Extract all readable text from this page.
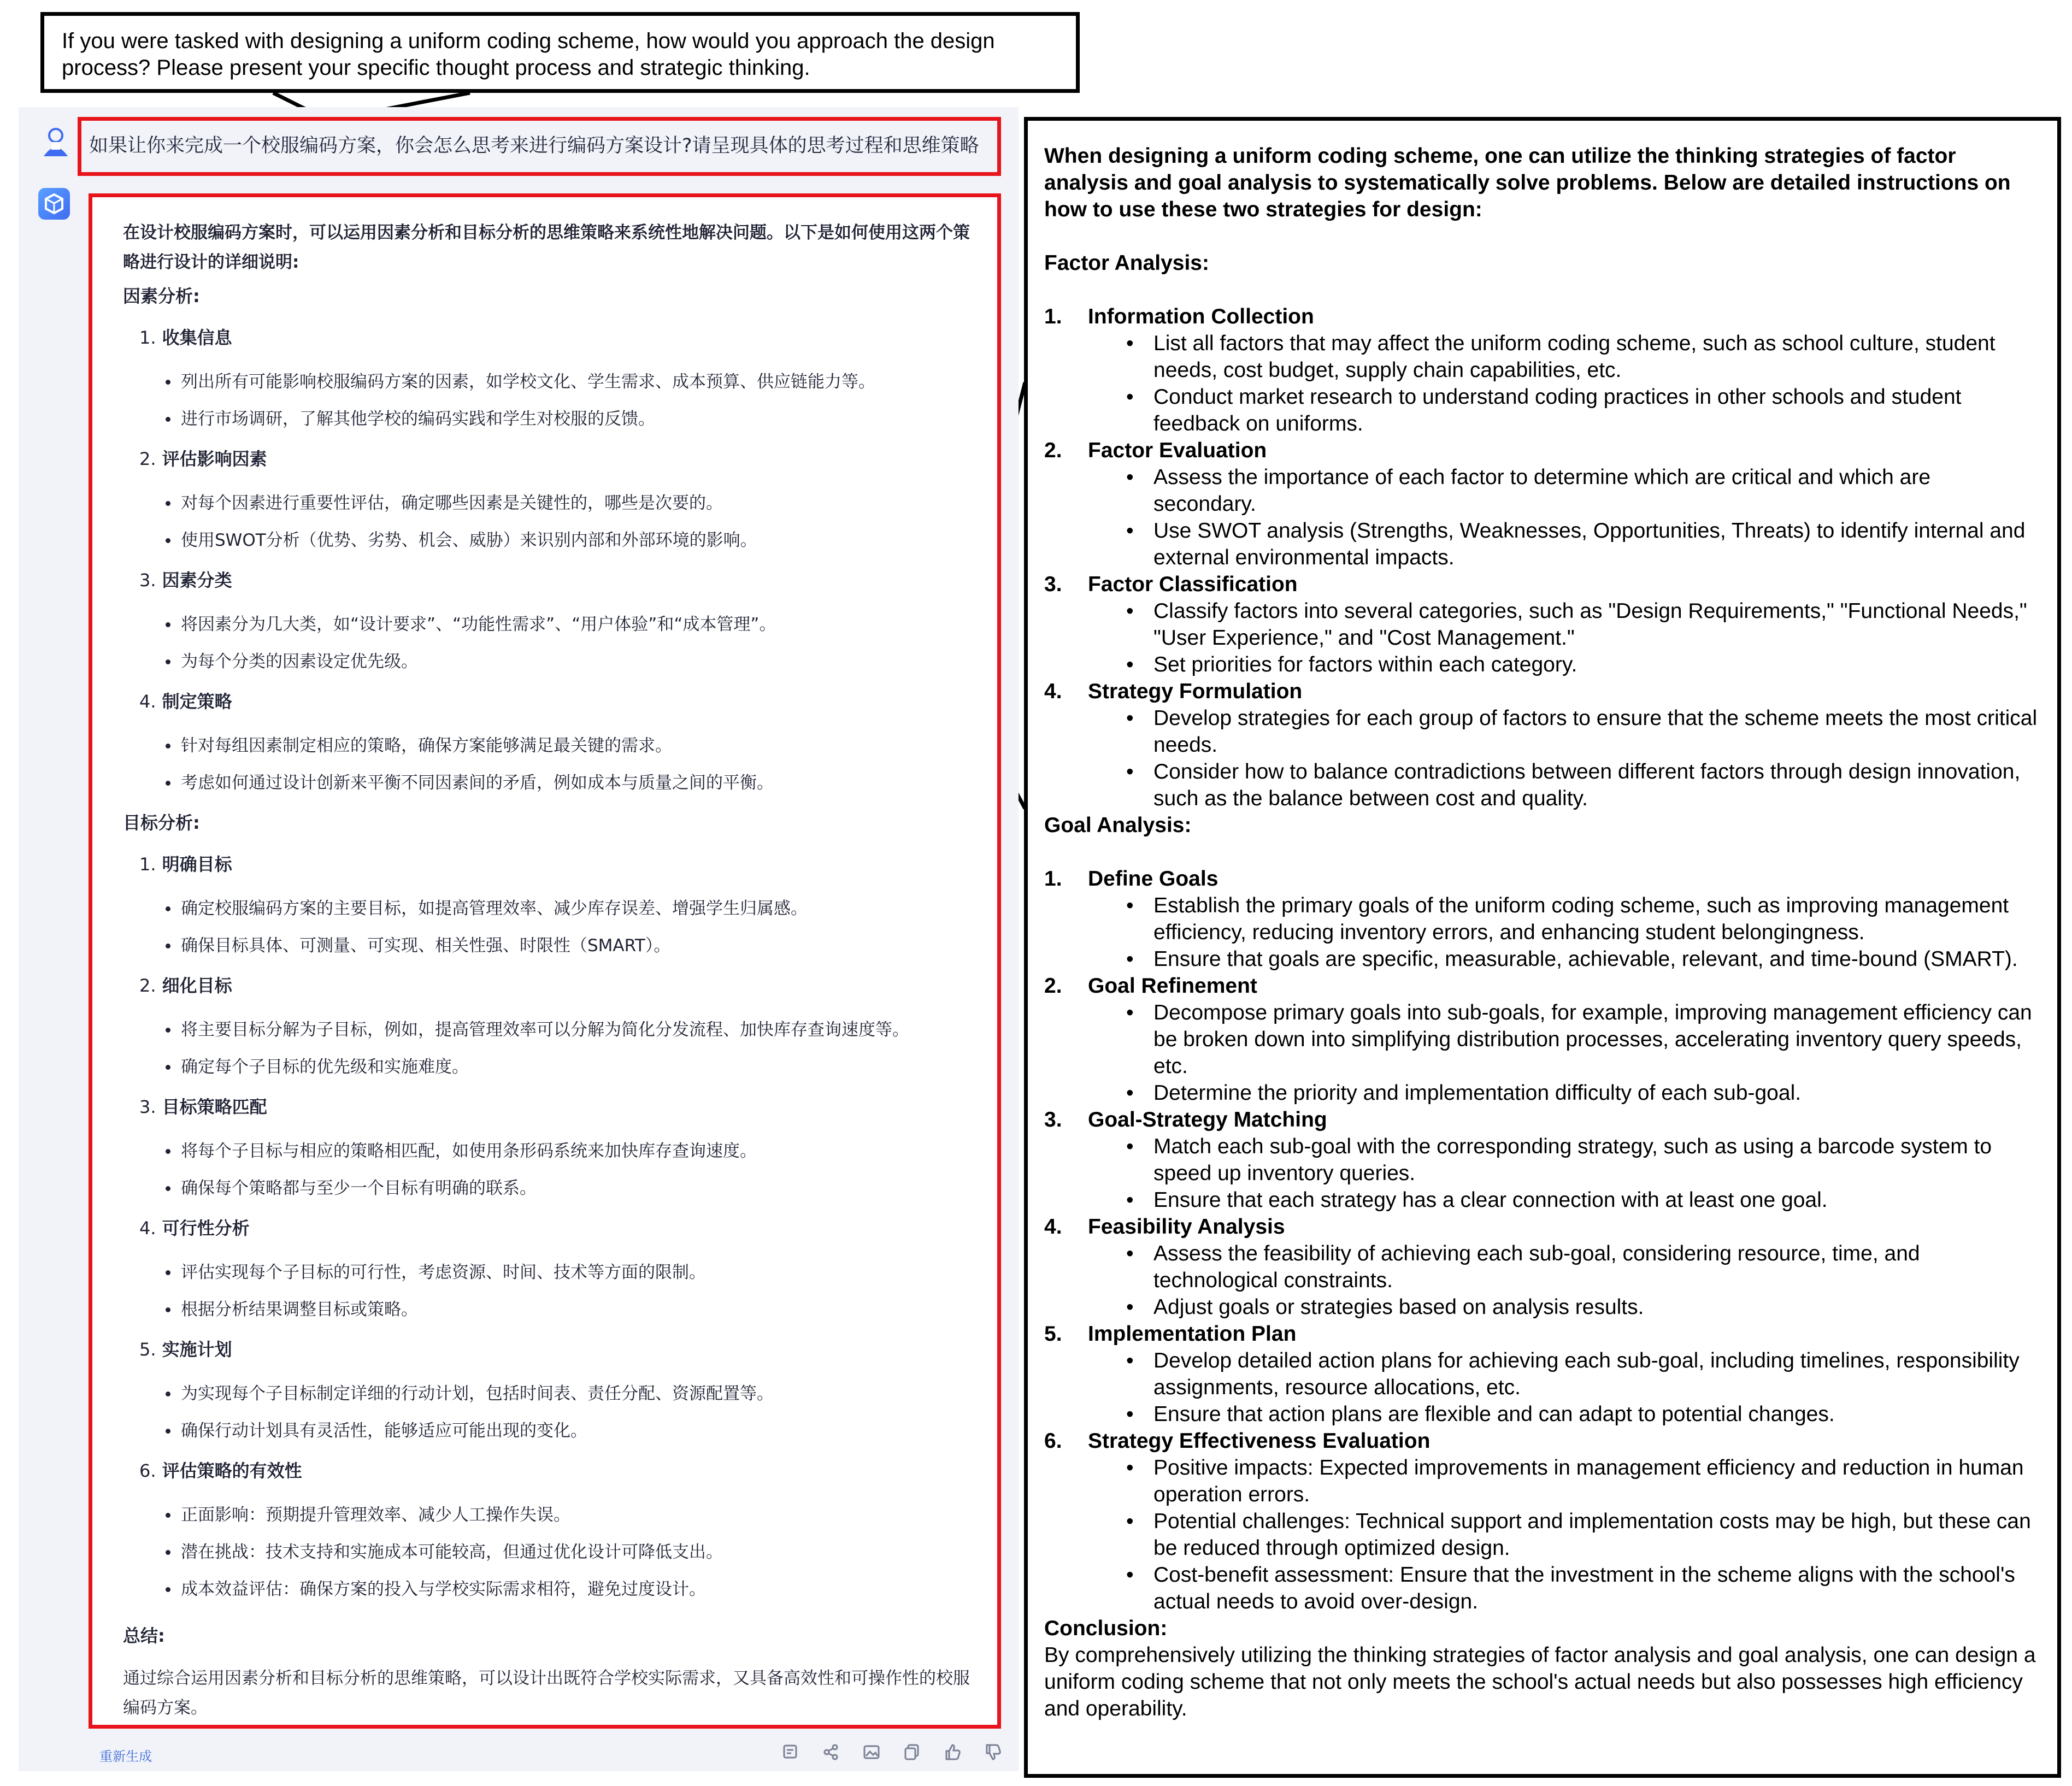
If you were tasked with designing a uniform coding scheme, how would you approach the design process? Please present your specific thought process and strategic thinking.
如果让你来完成一个校服编码方案，你会怎么思考来进行编码方案设计?请呈现具体的思考过程和思维策略
在设计校服编码方案时，可以运用因素分析和目标分析的思维策略来系统性地解决问题。以下是如何使用这两个策略进行设计的详细说明:
因素分析:
1. 收集信息
列出所有可能影响校服编码方案的因素，如学校文化、学生需求、成本预算、供应链能力等。
进行市场调研，了解其他学校的编码实践和学生对校服的反馈。
2. 评估影响因素
对每个因素进行重要性评估，确定哪些因素是关键性的，哪些是次要的。
使用SWOT分析（优势、劣势、机会、威胁）来识别内部和外部环境的影响。
3. 因素分类
将因素分为几大类，如“设计要求”、“功能性需求”、“用户体验”和“成本管理”。
为每个分类的因素设定优先级。
4. 制定策略
针对每组因素制定相应的策略，确保方案能够满足最关键的需求。
考虑如何通过设计创新来平衡不同因素间的矛盾，例如成本与质量之间的平衡。
目标分析:
1. 明确目标
确定校服编码方案的主要目标，如提高管理效率、减少库存误差、增强学生归属感。
确保目标具体、可测量、可实现、相关性强、时限性（SMART）。
2. 细化目标
将主要目标分解为子目标，例如，提高管理效率可以分解为简化分发流程、加快库存查询速度等。
确定每个子目标的优先级和实施难度。
3. 目标策略匹配
将每个子目标与相应的策略相匹配，如使用条形码系统来加快库存查询速度。
确保每个策略都与至少一个目标有明确的联系。
4. 可行性分析
评估实现每个子目标的可行性，考虑资源、时间、技术等方面的限制。
根据分析结果调整目标或策略。
5. 实施计划
为实现每个子目标制定详细的行动计划，包括时间表、责任分配、资源配置等。
确保行动计划具有灵活性，能够适应可能出现的变化。
6. 评估策略的有效性
正面影响：预期提升管理效率、减少人工操作失误。
潜在挑战：技术支持和实施成本可能较高，但通过优化设计可降低支出。
成本效益评估：确保方案的投入与学校实际需求相符，避免过度设计。
总结:
通过综合运用因素分析和目标分析的思维策略，可以设计出既符合学校实际需求，又具备高效性和可操作性的校服编码方案。
重新生成
When designing a uniform coding scheme, one can utilize the thinking strategies of factor analysis and goal analysis to systematically solve problems. Below are detailed instructions on how to use these two strategies for design:
Factor Analysis:
1. Information Collection
• List all factors that may affect the uniform coding scheme, such as school culture, student needs, cost budget, supply chain capabilities, etc.
• Conduct market research to understand coding practices in other schools and student feedback on uniforms.
2. Factor Evaluation
• Assess the importance of each factor to determine which are critical and which are secondary.
• Use SWOT analysis (Strengths, Weaknesses, Opportunities, Threats) to identify internal and external environmental impacts.
3. Factor Classification
• Classify factors into several categories, such as "Design Requirements," "Functional Needs," "User Experience," and "Cost Management."
• Set priorities for factors within each category.
4. Strategy Formulation
• Develop strategies for each group of factors to ensure that the scheme meets the most critical needs.
• Consider how to balance contradictions between different factors through design innovation, such as the balance between cost and quality.
Goal Analysis:
1. Define Goals
• Establish the primary goals of the uniform coding scheme, such as improving management efficiency, reducing inventory errors, and enhancing student belongingness.
• Ensure that goals are specific, measurable, achievable, relevant, and time-bound (SMART).
2. Goal Refinement
• Decompose primary goals into sub-goals, for example, improving management efficiency can be broken down into simplifying distribution processes, accelerating inventory query speeds, etc.
• Determine the priority and implementation difficulty of each sub-goal.
3. Goal-Strategy Matching
• Match each sub-goal with the corresponding strategy, such as using a barcode system to speed up inventory queries.
• Ensure that each strategy has a clear connection with at least one goal.
4. Feasibility Analysis
• Assess the feasibility of achieving each sub-goal, considering resource, time, and technological constraints.
• Adjust goals or strategies based on analysis results.
5. Implementation Plan
• Develop detailed action plans for achieving each sub-goal, including timelines, responsibility assignments, resource allocations, etc.
• Ensure that action plans are flexible and can adapt to potential changes.
6. Strategy Effectiveness Evaluation
• Positive impacts: Expected improvements in management efficiency and reduction in human operation errors.
• Potential challenges: Technical support and implementation costs may be high, but these can be reduced through optimized design.
• Cost-benefit assessment: Ensure that the investment in the scheme aligns with the school's actual needs to avoid over-design.
Conclusion:
By comprehensively utilizing the thinking strategies of factor analysis and goal analysis, one can design a uniform coding scheme that not only meets the school's actual needs but also possesses high efficiency and operability.
